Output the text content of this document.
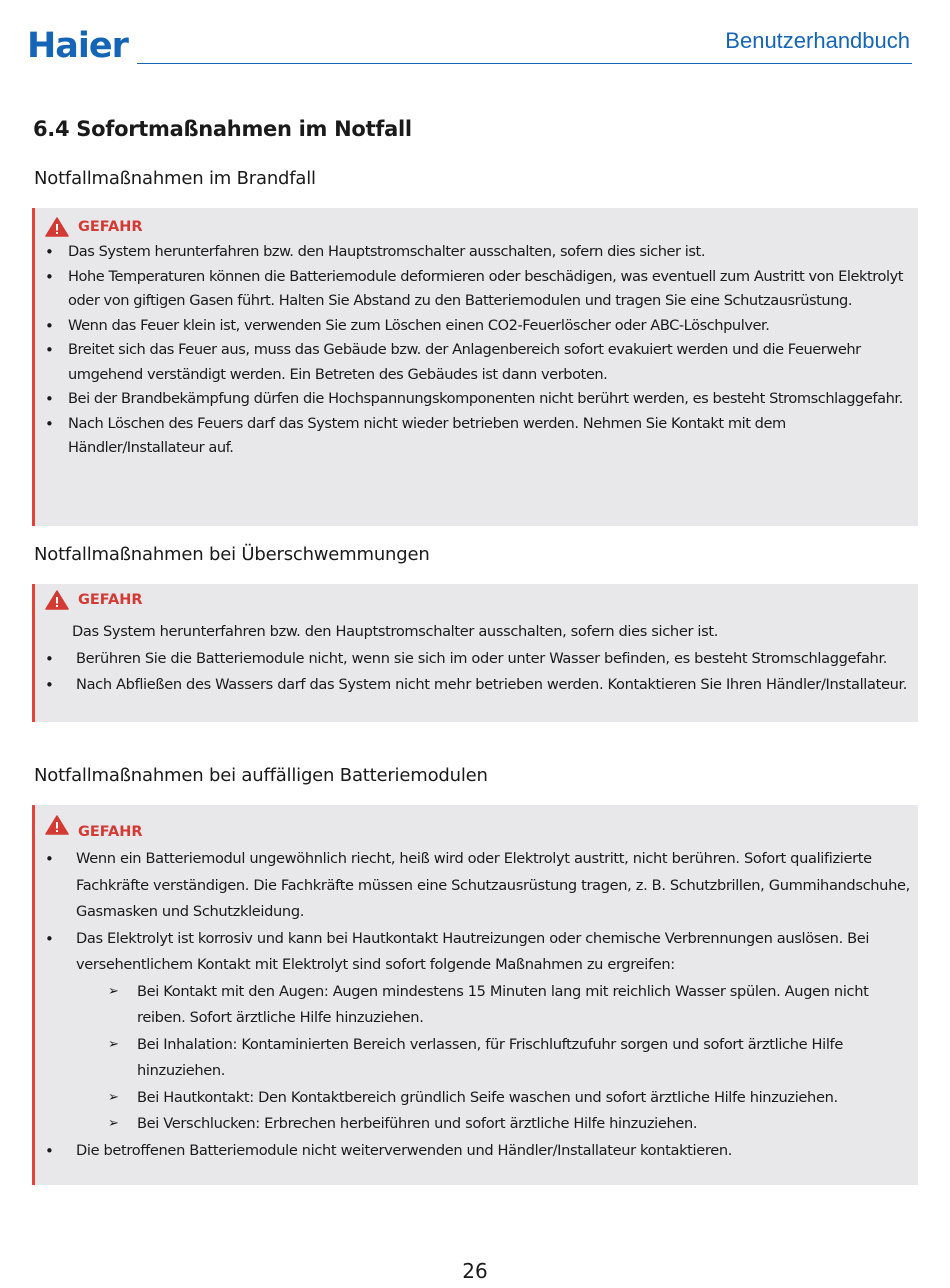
Haier	Benutzerhandbuch
6.4 Sofortmaßnahmen im Notfall
Notfallmaßnahmen im Brandfall
GEFAHR
• Das System herunterfahren bzw. den Hauptstromschalter ausschalten, sofern dies sicher ist.
• Hohe Temperaturen können die Batteriemodule deformieren oder beschädigen, was eventuell zum Austritt von Elektrolyt oder von giftigen Gasen führt. Halten Sie Abstand zu den Batteriemodulen und tragen Sie eine Schutzausrüstung.
• Wenn das Feuer klein ist, verwenden Sie zum Löschen einen CO2-Feuerlöscher oder ABC-Löschpulver.
• Breitet sich das Feuer aus, muss das Gebäude bzw. der Anlagenbereich sofort evakuiert werden und die Feuerwehr umgehend verständigt werden. Ein Betreten des Gebäudes ist dann verboten.
• Bei der Brandbekämpfung dürfen die Hochspannungskomponenten nicht berührt werden, es besteht Stromschlaggefahr.
• Nach Löschen des Feuers darf das System nicht wieder betrieben werden. Nehmen Sie Kontakt mit dem Händler/Installateur auf.
Notfallmaßnahmen bei Überschwemmungen
GEFAHR
Das System herunterfahren bzw. den Hauptstromschalter ausschalten, sofern dies sicher ist.
• Berühren Sie die Batteriemodule nicht, wenn sie sich im oder unter Wasser befinden, es besteht Stromschlaggefahr.
• Nach Abfließen des Wassers darf das System nicht mehr betrieben werden. Kontaktieren Sie Ihren Händler/Installateur.
Notfallmaßnahmen bei auffälligen Batteriemodulen
GEFAHR
• Wenn ein Batteriemodul ungewöhnlich riecht, heiß wird oder Elektrolyt austritt, nicht berühren. Sofort qualifizierte Fachkräfte verständigen. Die Fachkräfte müssen eine Schutzausrüstung tragen, z. B. Schutzbrillen, Gummihandschuhe, Gasmasken und Schutzkleidung.
• Das Elektrolyt ist korrosiv und kann bei Hautkontakt Hautreizungen oder chemische Verbrennungen auslösen. Bei versehentlichem Kontakt mit Elektrolyt sind sofort folgende Maßnahmen zu ergreifen:
➢ Bei Kontakt mit den Augen: Augen mindestens 15 Minuten lang mit reichlich Wasser spülen. Augen nicht reiben. Sofort ärztliche Hilfe hinzuziehen.
➢ Bei Inhalation: Kontaminierten Bereich verlassen, für Frischluftzufuhr sorgen und sofort ärztliche Hilfe hinzuziehen.
➢ Bei Hautkontakt: Den Kontaktbereich gründlich Seife waschen und sofort ärztliche Hilfe hinzuziehen.
➢ Bei Verschlucken: Erbrechen herbeiführen und sofort ärztliche Hilfe hinzuziehen.
• Die betroffenen Batteriemodule nicht weiterverwenden und Händler/Installateur kontaktieren.
26
